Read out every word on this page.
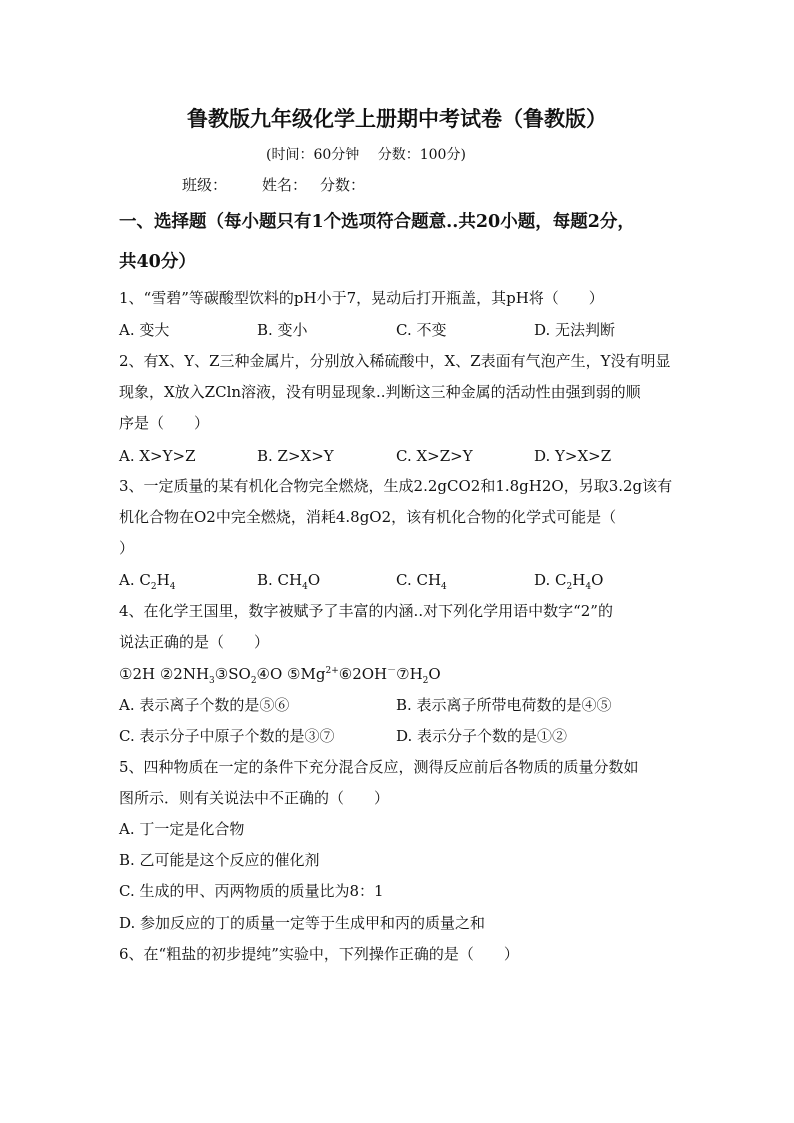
鲁教版九年级化学上册期中考试卷（鲁教版）
(时间：60分钟　 分数：100分)
班级： 姓名： 分数：
一、选择题（每小题只有1个选项符合题意..共20小题，每题2分，
共40分）
1、“雪碧”等碳酸型饮料的pH小于7，晃动后打开瓶盖，其pH将（　　）
A. 变大	B. 变小	C. 不变	D. 无法判断
2、有X、Y、Z三种金属片，分别放入稀硫酸中，X、Z表面有气泡产生，Y没有明显
现象，X放入ZCln溶液，没有明显现象..判断这三种金属的活动性由强到弱的顺
序是（　　）
A. X>Y>Z	B. Z>X>Y	C. X>Z>Y	D. Y>X>Z
3、一定质量的某有机化合物完全燃烧，生成2.2gCO2和1.8gH2O，另取3.2g该有
机化合物在O2中完全燃烧，消耗4.8gO2，该有机化合物的化学式可能是（
）
A. $C_2H_4$	B. $CH_4O$	C. $CH_4$	D. $C_2H_4O$
4、在化学王国里，数字被赋予了丰富的内涵..对下列化学用语中数字“2”的
说法正确的是（　　）
①2H $②2NH_3③SO_2④O$ $⑤Mg^{2+}⑥2OH^-⑦H_2O$
A. 表示离子个数的是⑤⑥	B. 表示离子所带电荷数的是④⑤
C. 表示分子中原子个数的是③⑦	D. 表示分子个数的是①②
5、四种物质在一定的条件下充分混合反应，测得反应前后各物质的质量分数如
图所示．则有关说法中不正确的（　　）
A. 丁一定是化合物
B. 乙可能是这个反应的催化剂
C. 生成的甲、丙两物质的质量比为8：1
D. 参加反应的丁的质量一定等于生成甲和丙的质量之和
6、在“粗盐的初步提纯”实验中，下列操作正确的是（　　）
